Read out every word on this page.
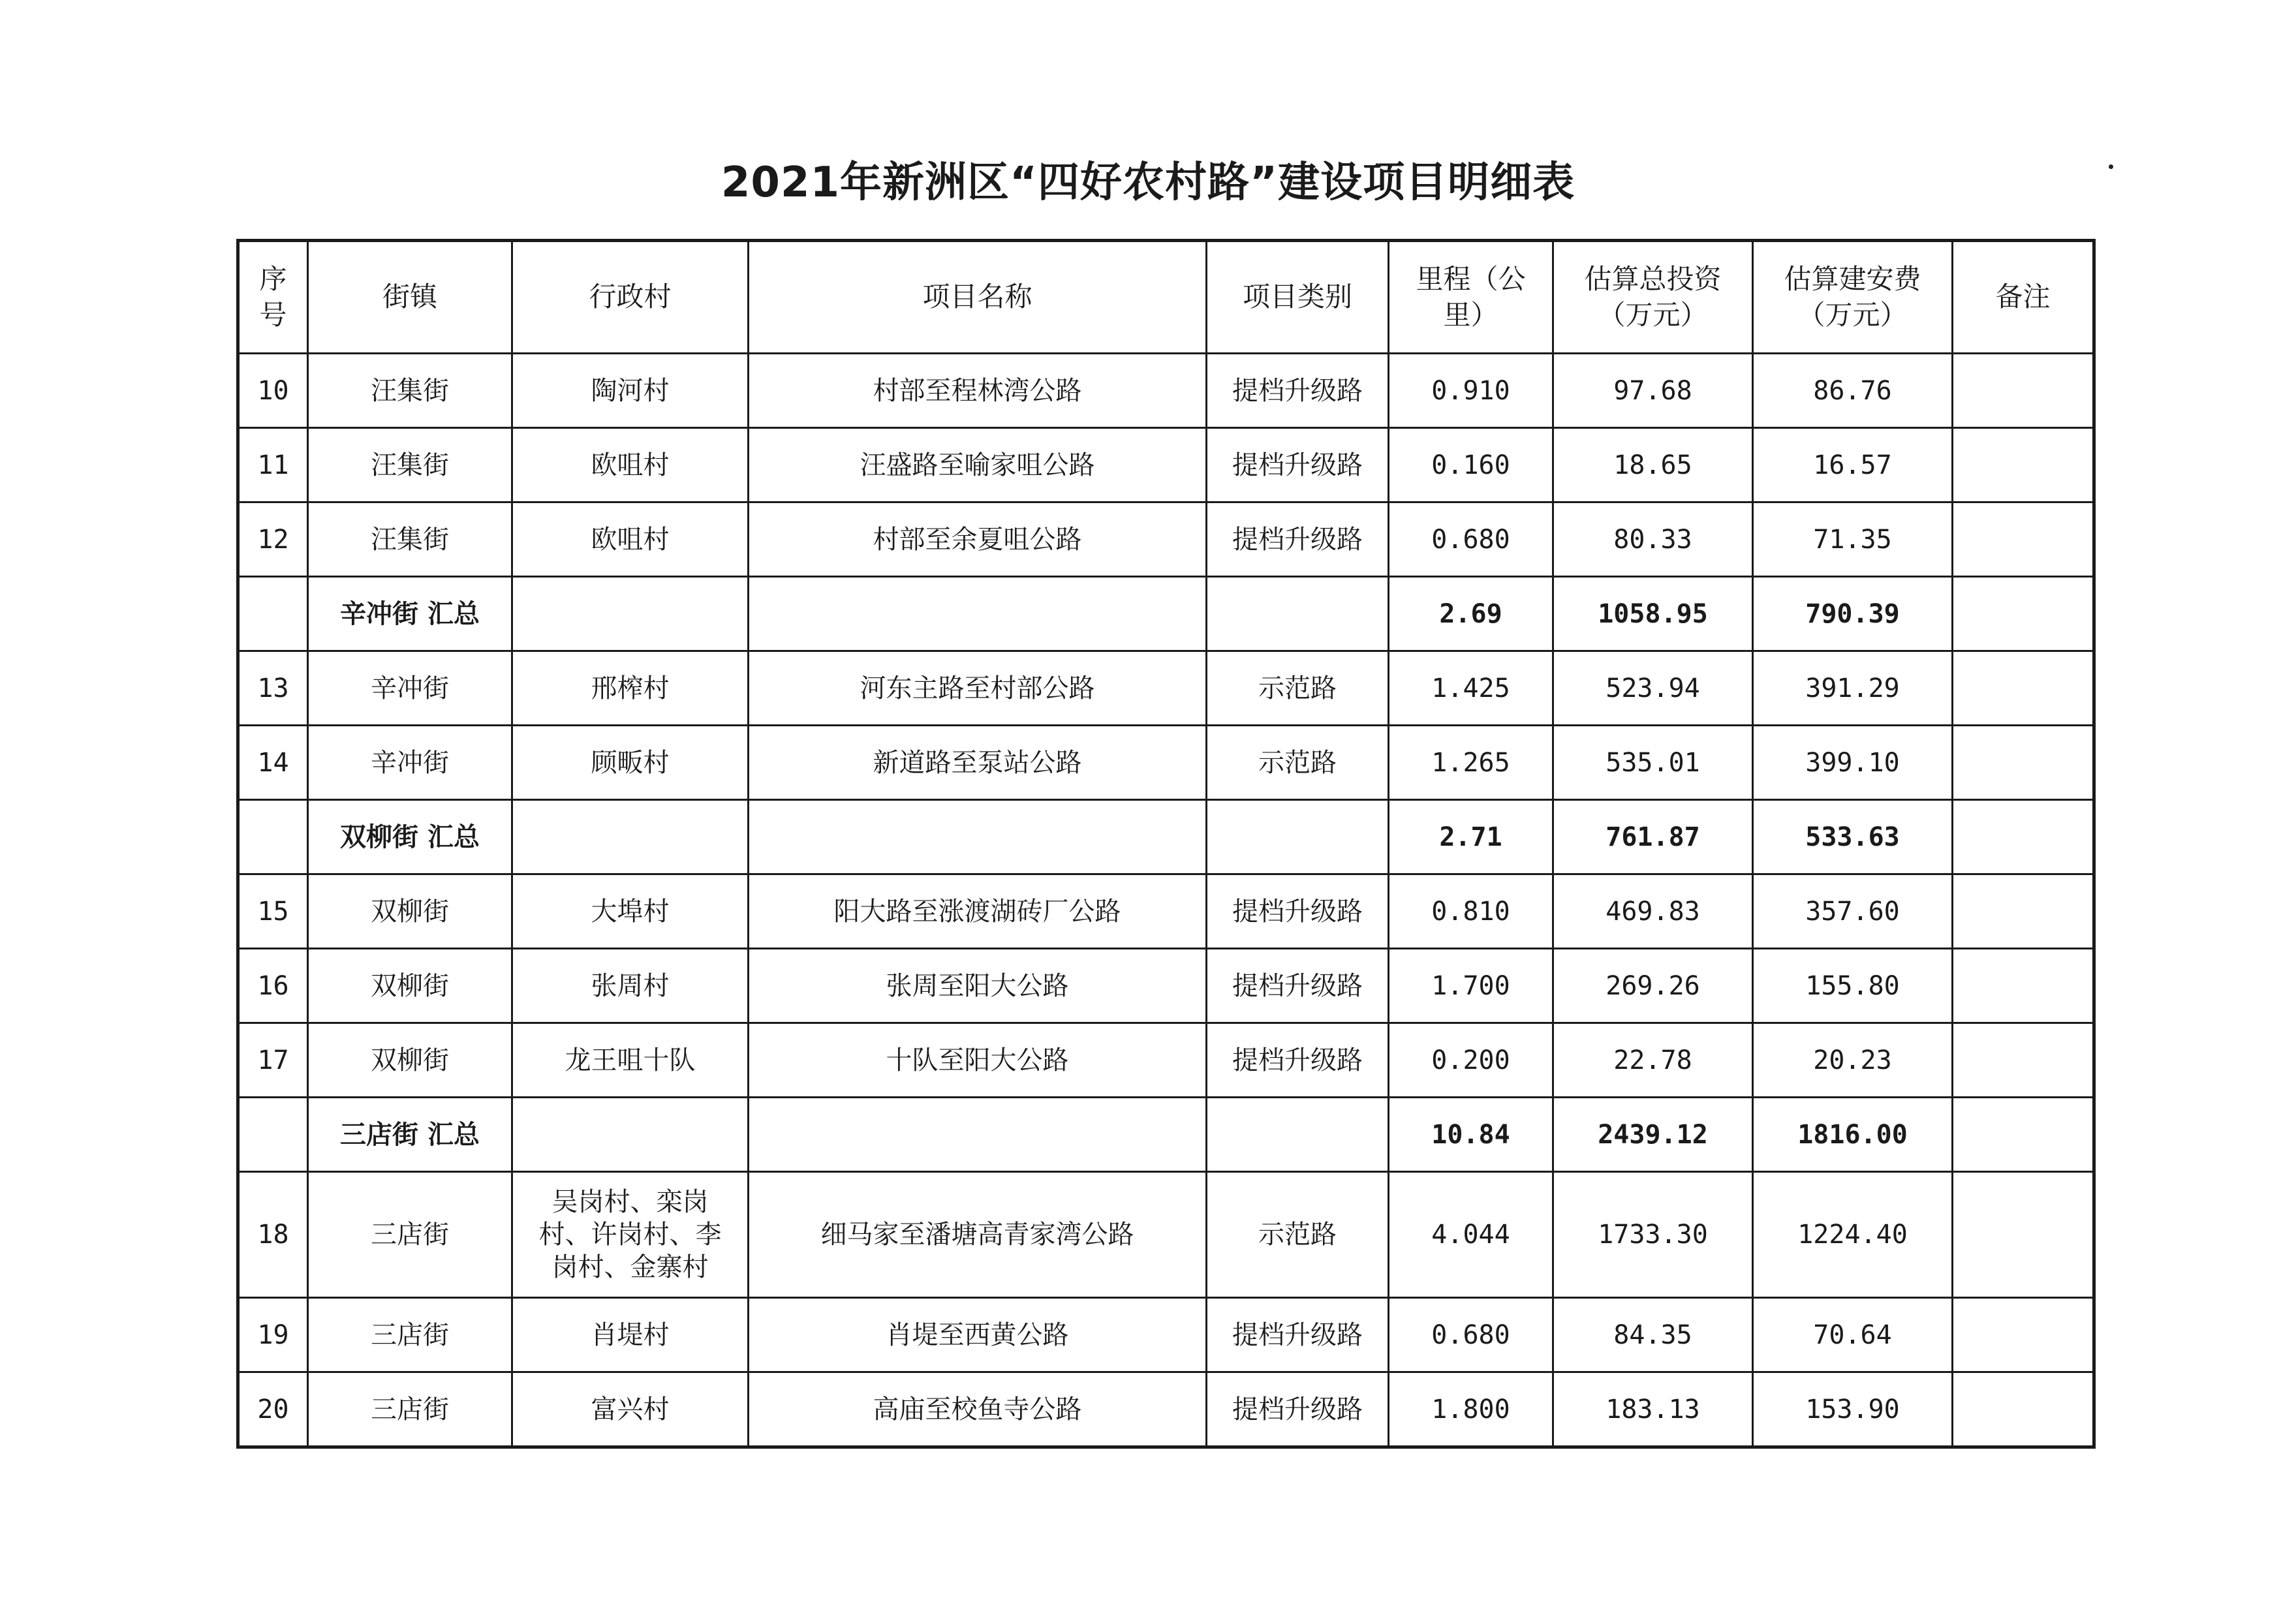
2021年新洲区“四好农村路”建设项目明细表
序号	街镇	行政村	项目名称	项目类别	里程（公里）	估算总投资（万元）	估算建安费（万元）	备注
10	汪集街	陶河村	村部至程林湾公路	提档升级路	0.910	97.68	86.76	
11	汪集街	欧咀村	汪盛路至喻家咀公路	提档升级路	0.160	18.65	16.57	
12	汪集街	欧咀村	村部至余夏咀公路	提档升级路	0.680	80.33	71.35	
	辛冲街 汇总				2.69	1058.95	790.39	
13	辛冲街	邢榨村	河东主路至村部公路	示范路	1.425	523.94	391.29	
14	辛冲街	顾畈村	新道路至泵站公路	示范路	1.265	535.01	399.10	
	双柳街 汇总				2.71	761.87	533.63	
15	双柳街	大埠村	阳大路至涨渡湖砖厂公路	提档升级路	0.810	469.83	357.60	
16	双柳街	张周村	张周至阳大公路	提档升级路	1.700	269.26	155.80	
17	双柳街	龙王咀十队	十队至阳大公路	提档升级路	0.200	22.78	20.23	
	三店街 汇总				10.84	2439.12	1816.00	
18	三店街	吴岗村、栾岗村、许岗村、李岗村、金寨村	细马家至潘塘高青家湾公路	示范路	4.044	1733.30	1224.40	
19	三店街	肖堤村	肖堤至西黄公路	提档升级路	0.680	84.35	70.64	
20	三店街	富兴村	高庙至校鱼寺公路	提档升级路	1.800	183.13	153.90	
